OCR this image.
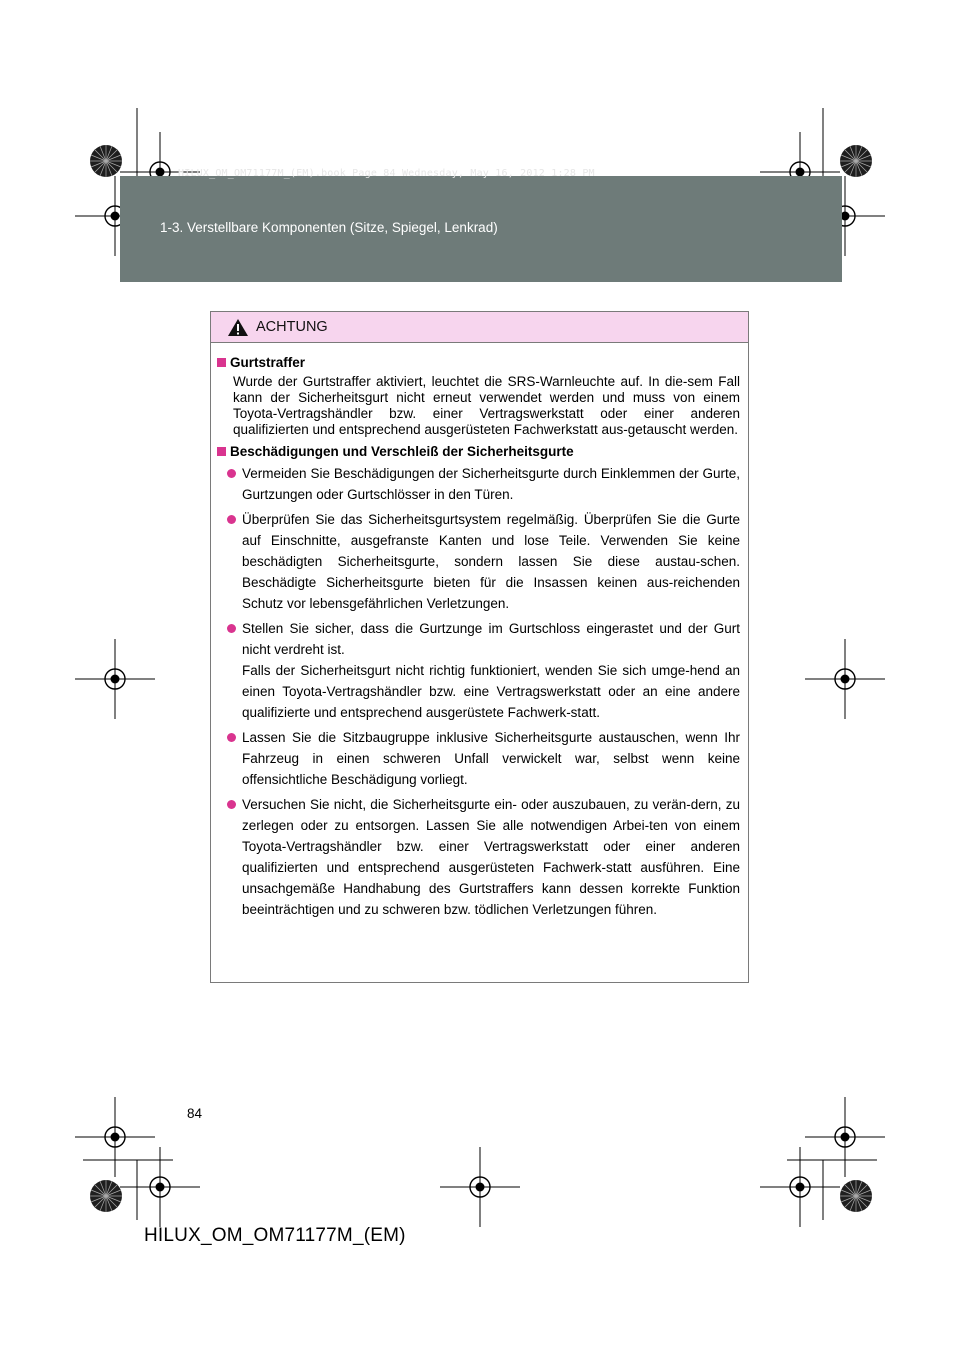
HILUX_OM_OM71177M_(EM).book Page 84 Wednesday, May 16, 2012 1:28 PM
1-3. Verstellbare Komponenten (Sitze, Spiegel, Lenkrad)
ACHTUNG
Gurtstraffer

Wurde der Gurtstraffer aktiviert, leuchtet die SRS-Warnleuchte auf. In die-sem Fall kann der Sicherheitsgurt nicht erneut verwendet werden und muss von einem Toyota-Vertragshändler bzw. einer Vertragswerkstatt oder einer anderen qualifizierten und entsprechend ausgerüsteten Fachwerkstatt aus-getauscht werden.

Beschädigungen und Verschleiß der Sicherheitsgurte
Vermeiden Sie Beschädigungen der Sicherheitsgurte durch Einklemmen der Gurte, Gurtzungen oder Gurtschlösser in den Türen.
Überprüfen Sie das Sicherheitsgurtsystem regelmäßig. Überprüfen Sie die Gurte auf Einschnitte, ausgefranste Kanten und lose Teile. Verwenden Sie keine beschädigten Sicherheitsgurte, sondern lassen Sie diese austau-schen. Beschädigte Sicherheitsgurte bieten für die Insassen keinen aus-reichenden Schutz vor lebensgefährlichen Verletzungen.
Stellen Sie sicher, dass die Gurtzunge im Gurtschloss eingerastet und der Gurt nicht verdreht ist.
Falls der Sicherheitsgurt nicht richtig funktioniert, wenden Sie sich umge-hend an einen Toyota-Vertragshändler bzw. eine Vertragswerkstatt oder an eine andere qualifizierte und entsprechend ausgerüstete Fachwerk-statt.
Lassen Sie die Sitzbaugruppe inklusive Sicherheitsgurte austauschen, wenn Ihr Fahrzeug in einen schweren Unfall verwickelt war, selbst wenn keine offensichtliche Beschädigung vorliegt.
Versuchen Sie nicht, die Sicherheitsgurte ein- oder auszubauen, zu verän-dern, zu zerlegen oder zu entsorgen. Lassen Sie alle notwendigen Arbei-ten von einem Toyota-Vertragshändler bzw. einer Vertragswerkstatt oder einer anderen qualifizierten und entsprechend ausgerüsteten Fachwerk-statt ausführen. Eine unsachgemäße Handhabung des Gurtstraffers kann dessen korrekte Funktion beeinträchtigen und zu schweren bzw. tödlichen Verletzungen führen.
84
HILUX_OM_OM71177M_(EM)
